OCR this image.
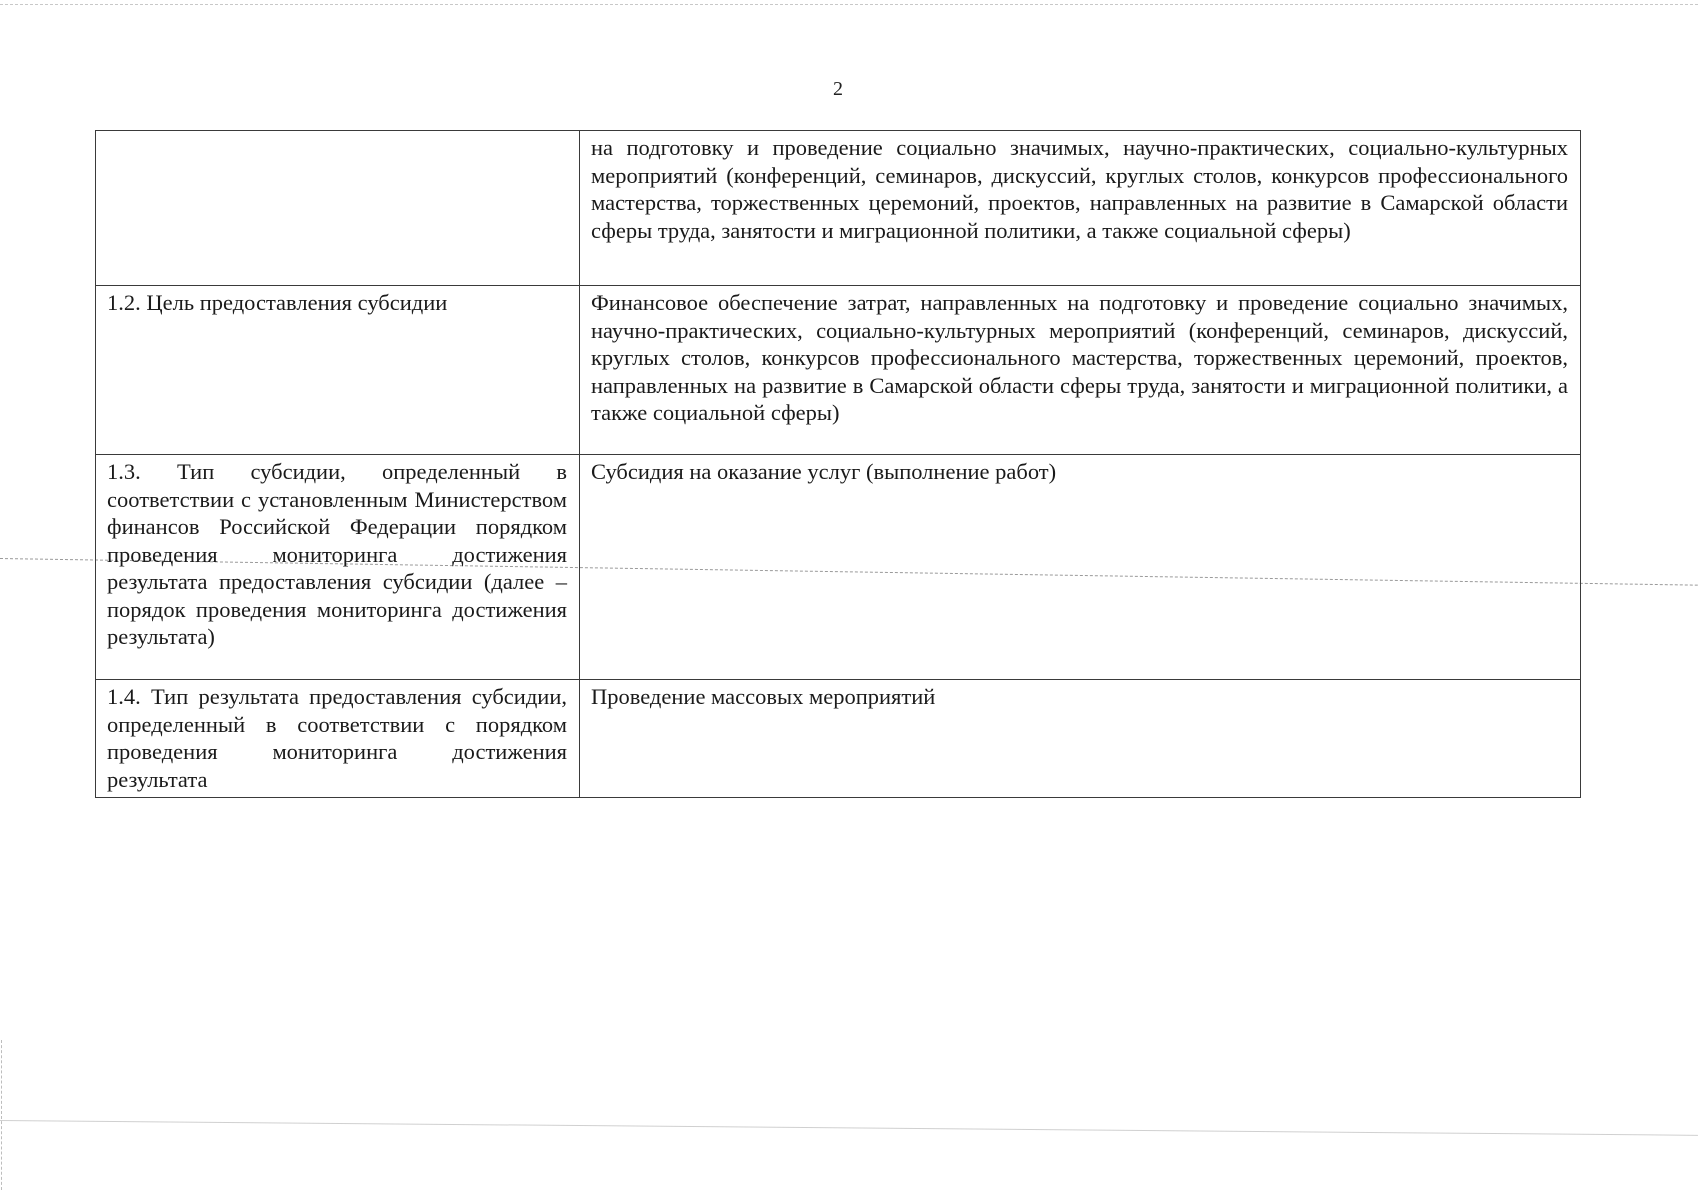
2
	на подготовку и проведение социально значимых, научно-практических, социально-культурных мероприятий (конференций, семинаров, дискуссий, круглых столов, конкурсов профессионального мастерства, торжественных церемоний, проектов, направленных на развитие в Самарской области сферы труда, занятости и миграционной политики, а также социальной сферы)
1.2. Цель предоставления субсидии	Финансовое обеспечение затрат, направленных на подготовку и проведение социально значимых, научно-практических, социально-культурных мероприятий (конференций, семинаров, дискуссий, круглых столов, конкурсов профессионального мастерства, торжественных церемоний, проектов, направленных на развитие в Самарской области сферы труда, занятости и миграционной политики, а также социальной сферы)
1.3. Тип субсидии, определенный в соответствии с установленным Министерством финансов Российской Федерации порядком проведения мониторинга достижения результата предоставления субсидии (далее – порядок проведения мониторинга достижения результата)	Субсидия на оказание услуг (выполнение работ)
1.4. Тип результата предоставления субсидии, определенный в соответствии с порядком проведения мониторинга достижения результата	Проведение массовых мероприятий
